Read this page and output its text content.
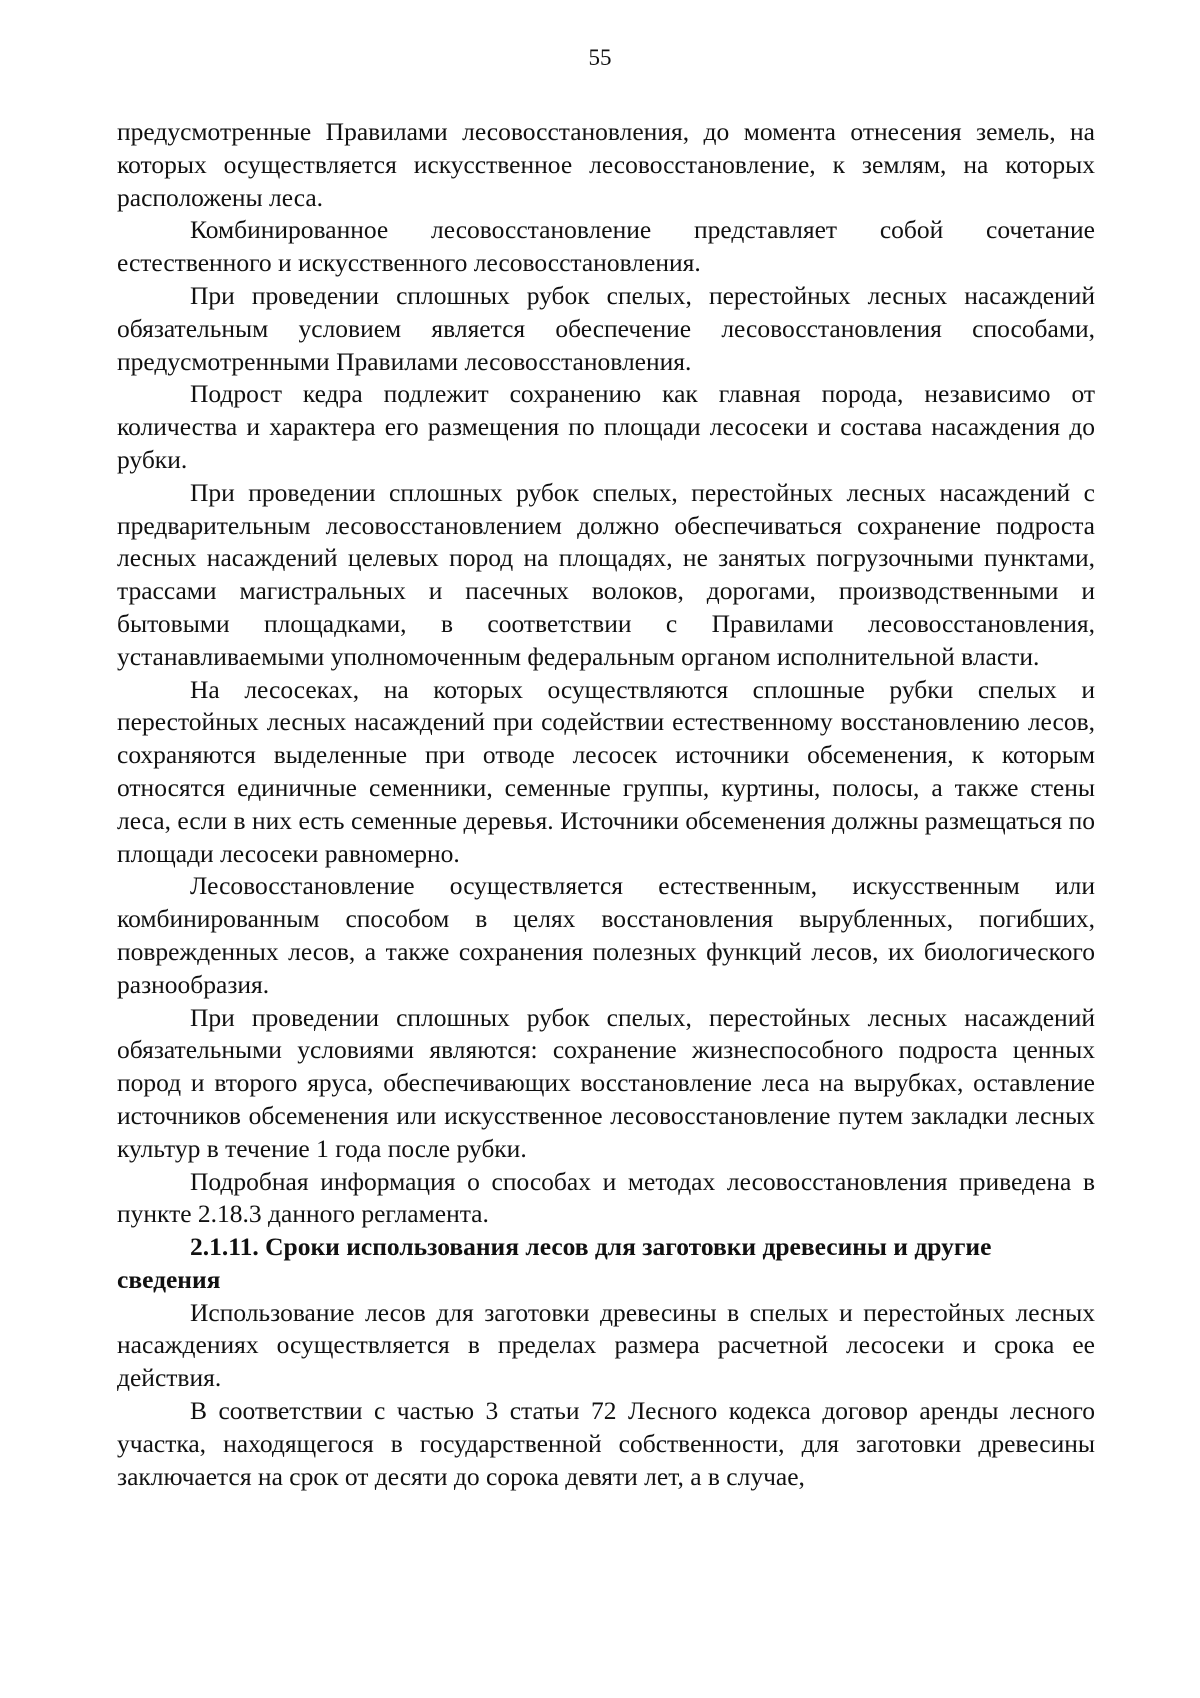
55

предусмотренные Правилами лесовосстановления, до момента отнесения земель, на которых осуществляется искусственное лесовосстановление, к землям, на которых расположены леса.

Комбинированное лесовосстановление представляет собой сочетание естественного и искусственного лесовосстановления.

При проведении сплошных рубок спелых, перестойных лесных насаждений обязательным условием является обеспечение лесовосстановления способами, предусмотренными Правилами лесовосстановления.

Подрост кедра подлежит сохранению как главная порода, независимо от количества и характера его размещения по площади лесосеки и состава насаждения до рубки.

При проведении сплошных рубок спелых, перестойных лесных насаждений с предварительным лесовосстановлением должно обеспечиваться сохранение подроста лесных насаждений целевых пород на площадях, не занятых погрузочными пунктами, трассами магистральных и пасечных волоков, дорогами, производственными и бытовыми площадками, в соответствии с Правилами лесовосстановления, устанавливаемыми уполномоченным федеральным органом исполнительной власти.

На лесосеках, на которых осуществляются сплошные рубки спелых и перестойных лесных насаждений при содействии естественному восстановлению лесов, сохраняются выделенные при отводе лесосек источники обсеменения, к которым относятся единичные семенники, семенные группы, куртины, полосы, а также стены леса, если в них есть семенные деревья. Источники обсеменения должны размещаться по площади лесосеки равномерно.

Лесовосстановление осуществляется естественным, искусственным или комбинированным способом в целях восстановления вырубленных, погибших, поврежденных лесов, а также сохранения полезных функций лесов, их биологического разнообразия.

При проведении сплошных рубок спелых, перестойных лесных насаждений обязательными условиями являются: сохранение жизнеспособного подроста ценных пород и второго яруса, обеспечивающих восстановление леса на вырубках, оставление источников обсеменения или искусственное лесовосстановление путем закладки лесных культур в течение 1 года после рубки.

Подробная информация о способах и методах лесовосстановления приведена в пункте 2.18.3 данного регламента.

2.1.11. Сроки использования лесов для заготовки древесины и другие сведения

Использование лесов для заготовки древесины в спелых и перестойных лесных насаждениях осуществляется в пределах размера расчетной лесосеки и срока ее действия.

В соответствии с частью 3 статьи 72 Лесного кодекса договор аренды лесного участка, находящегося в государственной собственности, для заготовки древесины заключается на срок от десяти до сорока девяти лет, а в случае,
